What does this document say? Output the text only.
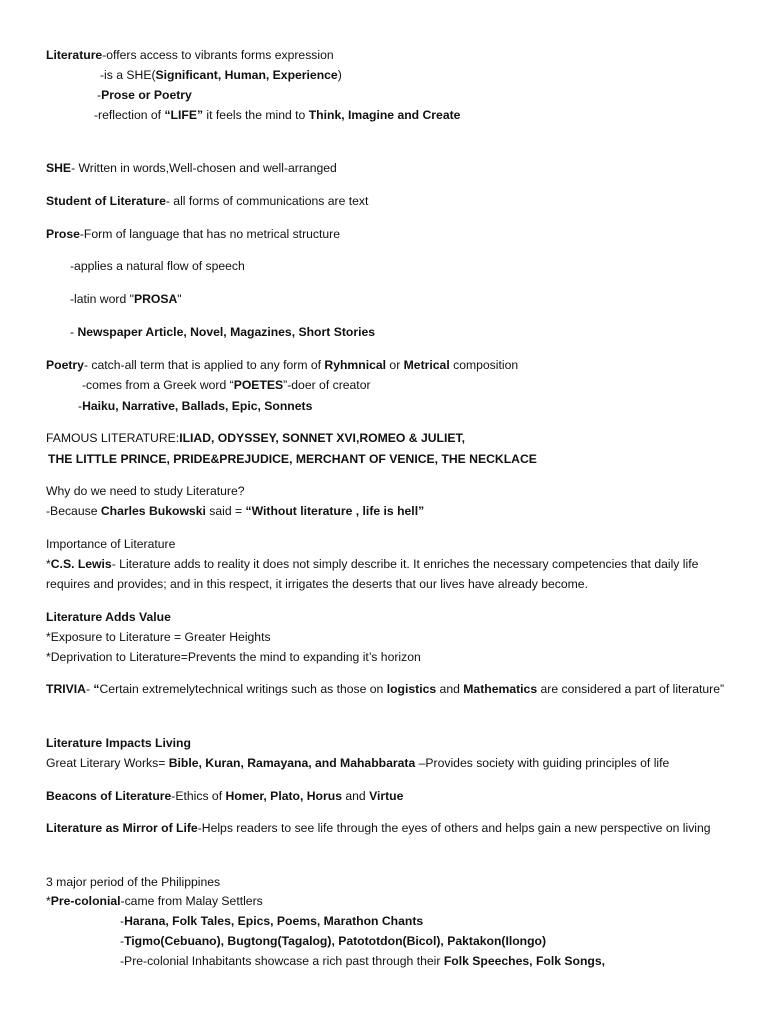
Literature-offers access to vibrants forms expression
-is a SHE(Significant, Human, Experience)
-Prose or Poetry
-reflection of “LIFE” it feels the mind to Think, Imagine and Create
SHE- Written in words,Well-chosen and well-arranged
Student of Literature- all forms of communications are text
Prose-Form of language that has no metrical structure
-applies a natural flow of speech
-latin word "PROSA"
- Newspaper Article, Novel, Magazines, Short Stories
Poetry- catch-all term that is applied to any form of Ryhmnical or Metrical composition
-comes from a Greek word “POETES”-doer of creator
-Haiku, Narrative, Ballads, Epic, Sonnets
FAMOUS LITERATURE:ILIAD, ODYSSEY, SONNET XVI,ROMEO & JULIET,
THE LITTLE PRINCE, PRIDE&PREJUDICE, MERCHANT OF VENICE, THE NECKLACE
Why do we need to study Literature?
-Because Charles Bukowski said = “Without literature , life is hell”
Importance of Literature
*C.S. Lewis- Literature adds to reality it does not simply describe it. It enriches the necessary competencies that daily life requires and provides; and in this respect, it irrigates the deserts that our lives have already become.
Literature Adds Value
*Exposure to Literature = Greater Heights
*Deprivation to Literature=Prevents the mind to expanding it’s horizon
TRIVIA- “Certain extremelytechnical writings such as those on logistics and Mathematics are considered a part of literature”
Literature Impacts Living
Great Literary Works= Bible, Kuran, Ramayana, and Mahabbarata –Provides society with guiding principles of life
Beacons of Literature-Ethics of Homer, Plato, Horus and Virtue
Literature as Mirror of Life-Helps readers to see life through the eyes of others and helps gain a new perspective on living
3 major period of the Philippines
*Pre-colonial-came from Malay Settlers
-Harana, Folk Tales, Epics, Poems, Marathon Chants
-Tigmo(Cebuano), Bugtong(Tagalog), Patototdon(Bicol), Paktakon(Ilongo)
-Pre-colonial Inhabitants showcase a rich past through their Folk Speeches, Folk Songs,
